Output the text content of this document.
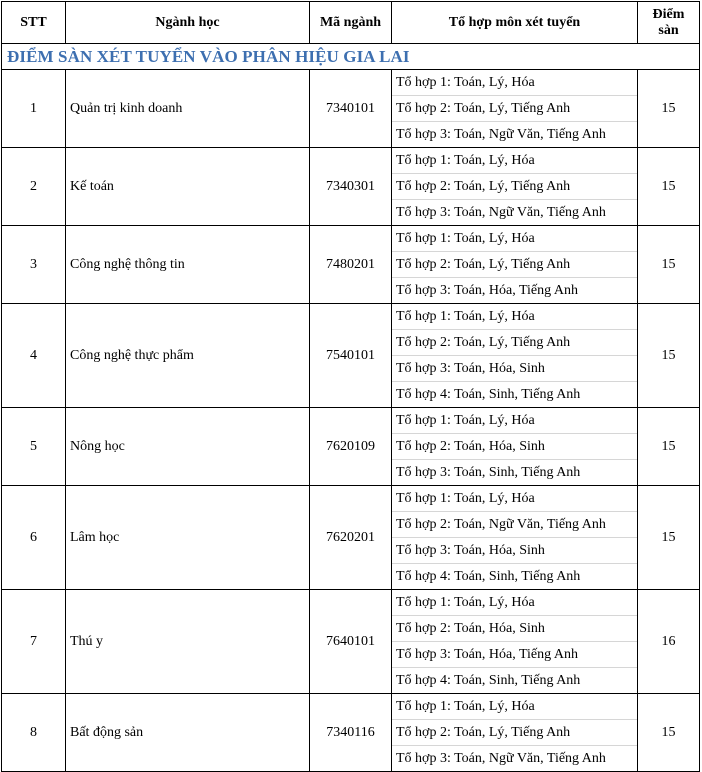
STT	Ngành học	Mã ngành	Tổ hợp môn xét tuyển	Điểm
sàn

ĐIỂM SÀN XÉT TUYỂN VÀO PHÂN HIỆU GIA LAI				
1	Quản trị kinh doanh	7340101	Tổ hợp 1: Toán, Lý, Hóa
Tổ hợp 2: Toán, Lý, Tiếng Anh
Tổ hợp 3: Toán, Ngữ Văn, Tiếng Anh	15
2	Kế toán	7340301	Tổ hợp 1: Toán, Lý, Hóa
Tổ hợp 2: Toán, Lý, Tiếng Anh
Tổ hợp 3: Toán, Ngữ Văn, Tiếng Anh	15
3	Công nghệ thông tin	7480201	Tổ hợp 1: Toán, Lý, Hóa
Tổ hợp 2: Toán, Lý, Tiếng Anh
Tổ hợp 3: Toán, Hóa, Tiếng Anh	15
4	Công nghệ thực phẩm	7540101	Tổ hợp 1: Toán, Lý, Hóa
Tổ hợp 2: Toán, Lý, Tiếng Anh
Tổ hợp 3: Toán, Hóa, Sinh
Tổ hợp 4: Toán, Sinh, Tiếng Anh	15
5	Nông học	7620109	Tổ hợp 1: Toán, Lý, Hóa
Tổ hợp 2: Toán, Hóa, Sinh
Tổ hợp 3: Toán, Sinh, Tiếng Anh	15
6	Lâm học	7620201	Tổ hợp 1: Toán, Lý, Hóa
Tổ hợp 2: Toán, Ngữ Văn, Tiếng Anh
Tổ hợp 3: Toán, Hóa, Sinh
Tổ hợp 4: Toán, Sinh, Tiếng Anh	15
7	Thú y	7640101	Tổ hợp 1: Toán, Lý, Hóa
Tổ hợp 2: Toán, Hóa, Sinh
Tổ hợp 3: Toán, Hóa, Tiếng Anh
Tổ hợp 4: Toán, Sinh, Tiếng Anh	16
8	Bất động sản	7340116	Tổ hợp 1: Toán, Lý, Hóa
Tổ hợp 2: Toán, Lý, Tiếng Anh
Tổ hợp 3: Toán, Ngữ Văn, Tiếng Anh	15
